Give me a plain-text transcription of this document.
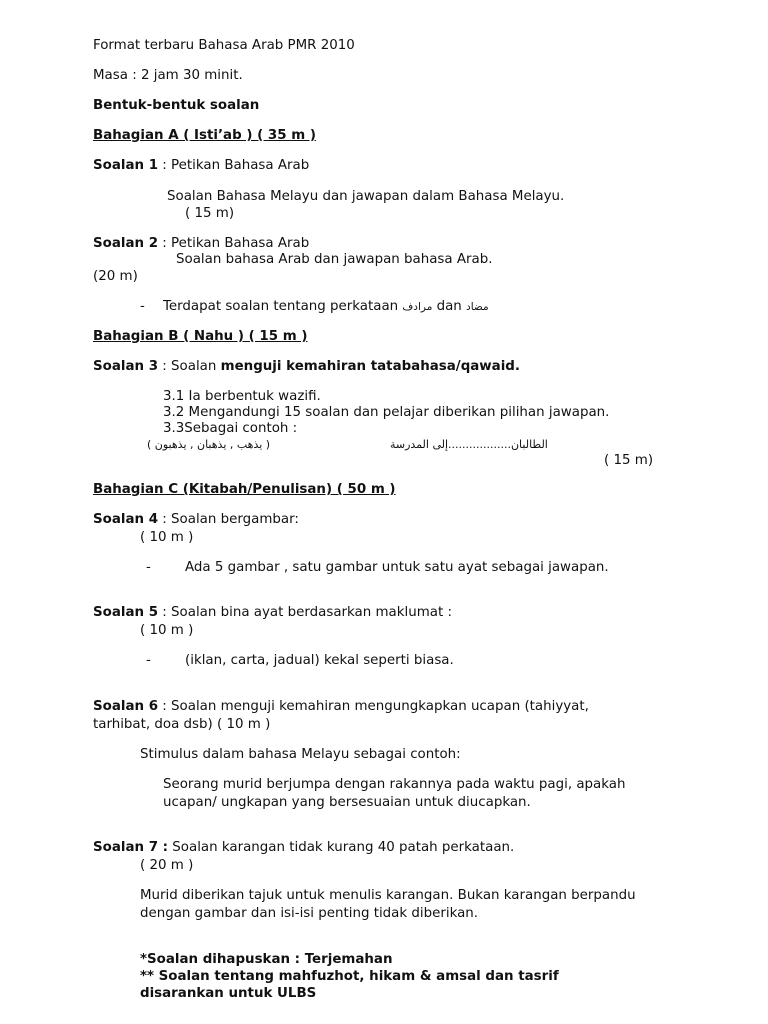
Format terbaru Bahasa Arab PMR 2010
Masa : 2 jam 30 minit.
Bentuk-bentuk soalan
Bahagian A ( Isti’ab ) ( 35 m )
Soalan 1 : Petikan Bahasa Arab
Soalan Bahasa Melayu dan jawapan dalam Bahasa Melayu.
( 15 m)
Soalan 2 : Petikan Bahasa Arab
Soalan bahasa Arab dan jawapan bahasa Arab.
(20 m)
- Terdapat soalan tentang perkataan مرادف dan مضاد
Bahagian B ( Nahu ) ( 15 m )
Soalan 3 : Soalan menguji kemahiran tatabahasa/qawaid.
3.1 Ia berbentuk wazifi.
3.2 Mengandungi 15 soalan dan pelajar diberikan pilihan jawapan.
3.3Sebagai contoh :
( يذهب , يذهبان , يذهبون )	الطالبان..................إلى المدرسة
( 15 m)
Bahagian C (Kitabah/Penulisan) ( 50 m )
Soalan 4 : Soalan bergambar:
( 10 m )
-	Ada 5 gambar , satu gambar untuk satu ayat sebagai jawapan.
Soalan 5 : Soalan bina ayat berdasarkan maklumat :
( 10 m )
-	(iklan, carta, jadual) kekal seperti biasa.
Soalan 6 : Soalan menguji kemahiran mengungkapkan ucapan (tahiyyat,
tarhibat, doa dsb) ( 10 m )
Stimulus dalam bahasa Melayu sebagai contoh:
Seorang murid berjumpa dengan rakannya pada waktu pagi, apakah
ucapan/ ungkapan yang bersesuaian untuk diucapkan.
Soalan 7 : Soalan karangan tidak kurang 40 patah perkataan.
( 20 m )
Murid diberikan tajuk untuk menulis karangan. Bukan karangan berpandu
dengan gambar dan isi-isi penting tidak diberikan.
*Soalan dihapuskan : Terjemahan
** Soalan tentang mahfuzhot, hikam & amsal dan tasrif
disarankan untuk ULBS
